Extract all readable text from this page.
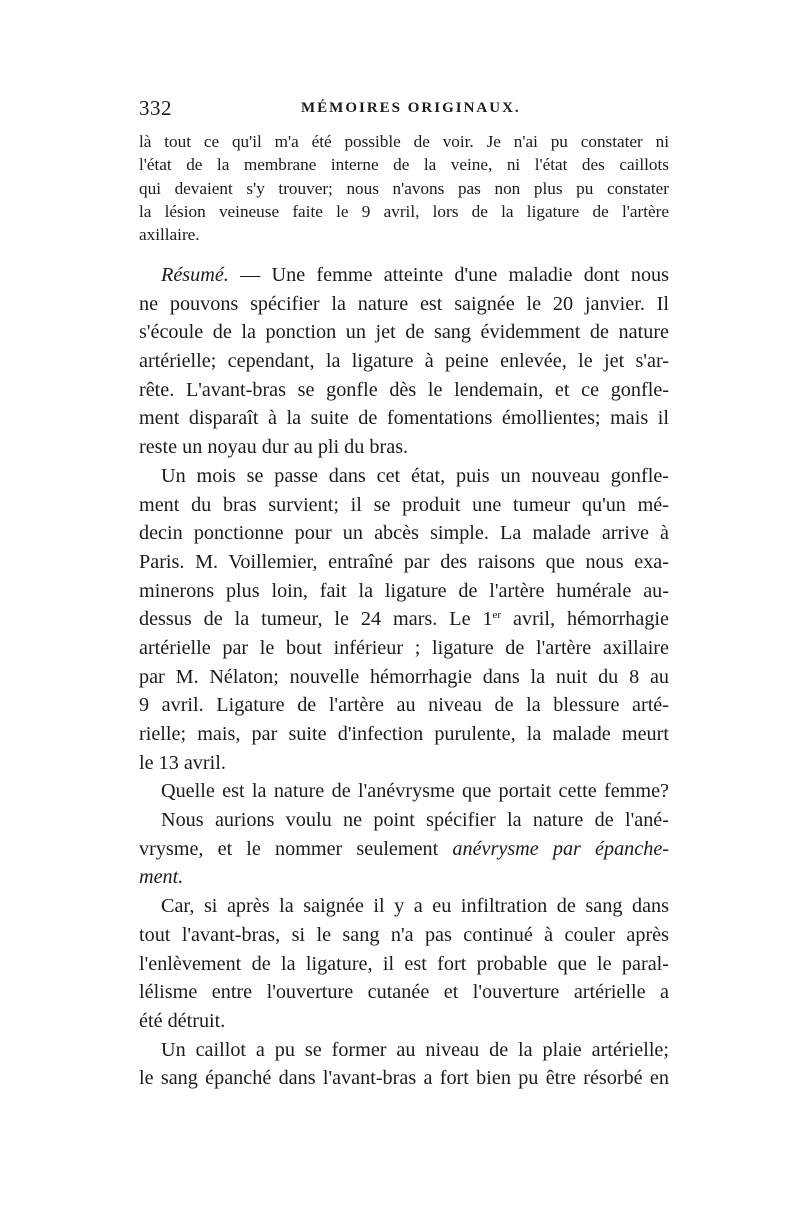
332	MÉMOIRES ORIGINAUX.
là tout ce qu'il m'a été possible de voir. Je n'ai pu constater ni
l'état de la membrane interne de la veine, ni l'état des caillots
qui devaient s'y trouver; nous n'avons pas non plus pu constater
la lésion veineuse faite le 9 avril, lors de la ligature de l'artère
axillaire.
Résumé. — Une femme atteinte d'une maladie dont nous
ne pouvons spécifier la nature est saignée le 20 janvier. Il
s'écoule de la ponction un jet de sang évidemment de nature
artérielle; cependant, la ligature à peine enlevée, le jet s'ar-
rête. L'avant-bras se gonfle dès le lendemain, et ce gonfle-
ment disparaît à la suite de fomentations émollientes; mais il
reste un noyau dur au pli du bras.
Un mois se passe dans cet état, puis un nouveau gonfle-
ment du bras survient; il se produit une tumeur qu'un mé-
decin ponctionne pour un abcès simple. La malade arrive à
Paris. M. Voillemier, entraîné par des raisons que nous exa-
minerons plus loin, fait la ligature de l'artère humérale au-
dessus de la tumeur, le 24 mars. Le 1er avril, hémorrhagie
artérielle par le bout inférieur ; ligature de l'artère axillaire
par M. Nélaton; nouvelle hémorrhagie dans la nuit du 8 au
9 avril. Ligature de l'artère au niveau de la blessure arté-
rielle; mais, par suite d'infection purulente, la malade meurt
le 13 avril.
Quelle est la nature de l'anévrysme que portait cette femme?
Nous aurions voulu ne point spécifier la nature de l'ané-
vrysme, et le nommer seulement anévrysme par épanche-
ment.
Car, si après la saignée il y a eu infiltration de sang dans
tout l'avant-bras, si le sang n'a pas continué à couler après
l'enlèvement de la ligature, il est fort probable que le paral-
lélisme entre l'ouverture cutanée et l'ouverture artérielle a
été détruit.
Un caillot a pu se former au niveau de la plaie artérielle;
le sang épanché dans l'avant-bras a fort bien pu être résorbé en
